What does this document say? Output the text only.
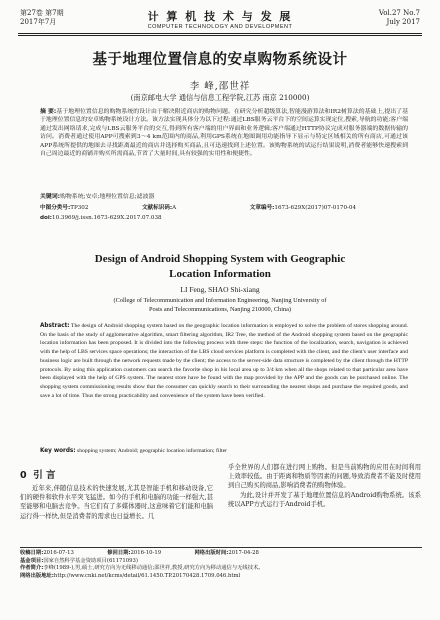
第27卷 第7期
2017年7月	计 算 机 技 术 与 发 展
COMPUTER TECHNOLOGY AND DEVELOPMENT
Vol.27 No.7
July 2017
基于地理位置信息的安卓购物系统设计
李 峰,邵世祥
(南京邮电大学 通信与信息工程学院,江苏 南京 210000)
摘 要:基于地理位置信息的购物系统的设计由于解决附近商店的购物问题。在研究分析超级算法,智能漫游算法和IR2树算法的基础上,提出了基于地理位置信息的安卓购物系统设计方法。该方法实现具体分为以下过程:通过LBS服务云平台下的空间运算实现定位,搜索,导航的功能;客户端通过发出网络请求,完成与LBS云服务平台的交互,得到所有客户端的用户界面和业务逻辑;客户端通过HTTP协议完成对服务器端的数据传输的访问。消费者通过使用APP可搜索到3～4 km范围内的商品,利用GPS系统在地图调用功能指导下显示与特定区域相关的所有商店,可通过该APP系统所提供的地图去寻找距离最近的商店并选择购买商品,且可迅速找到上述位置。该购物系统的试运行结果说明,消费者能够快速搜索到自己周边最近的商铺并购买所需商品,节省了大量时间,具有较强的实用性和便捷性。
关键词:购物系统;安卓;地理位置信息;滤波器
中图分类号:TP302	文献标识码:A	文章编号:1673-629X(2017)07-0170-04
doi:10.3969/j.issn.1673-629X.2017.07.038
Design of Android Shopping System with Geographic
Location Information
LI Feng, SHAO Shi-xiang
(College of Telecommunication and Information Engineering, Nanjing University of
Posts and Telecommunications, Nanjing 210000, China)
Abstract: The design of Android shopping system based on the geographic location information is employed to solve the problem of stores shopping around. On the basis of the study of agglomerative algorithm, smart filtering algorithm, IR2 Tree, the method of the Android shopping system based on the geographic location information has been proposed. It is divided into the following process with three steps: the function of the localization, search, navigation is achieved with the help of LBS services space operations; the interaction of the LBS cloud services platform is completed with the client, and the client's user interface and business logic are built through the network requests made by the client; the access to the server-side data structure is completed by the client through the HTTP protocols. By using this application customers can search the favorite shop in his local area up to 3/4 km when all the shops related to that particular area have been displayed with the help of GPS system. The nearest store have be found with the map provided by the APP and the goods can be purchased online. The shopping system commissioning results show that the consumer can quickly search to their surrounding the nearest shops and purchase the required goods, and save a lot of time. Thus the strong practicability and convenience of the system have been verified.
Key words: shopping system; Android; geographic location information; filter
0 引 言
近年来,伴随信息技术的快速发展,尤其是智能手机和移动设备,它们的硬件和软件水平突飞猛进。如今的手机和电脑的功能一样强大,甚至能够和电脑去竞争。当它们有了多媒体器时,这意味着它们能和电脑运行得一样快,但是消费者的需求也日益增长。几

乎全世界的人们都在进行网上购物。但是当前购物的应用在时间利用上效率较低。由于距离和物质等因素的问题,导致消费者不能及时使用到自己购买的商品,影响消费者的购物体验。

为此,设计并开发了基于地理位置信息的Android购物系统。该系统以APP方式运行于Android手机。

收稿日期:2016-07-13	修回日期:2016-10-19	网络出版时间:2017-04-28
基金项目:国家自然科学基金资助项目(61171093)
作者简介:李峰(1989-),男,硕士,研究方向为无线移动通信;邵世祥,教授,研究方向为移动通信与无线技术。
网络出版地址:http://www.cnki.net/kcms/detail/61.1450.TP.20170428.1709.046.html
